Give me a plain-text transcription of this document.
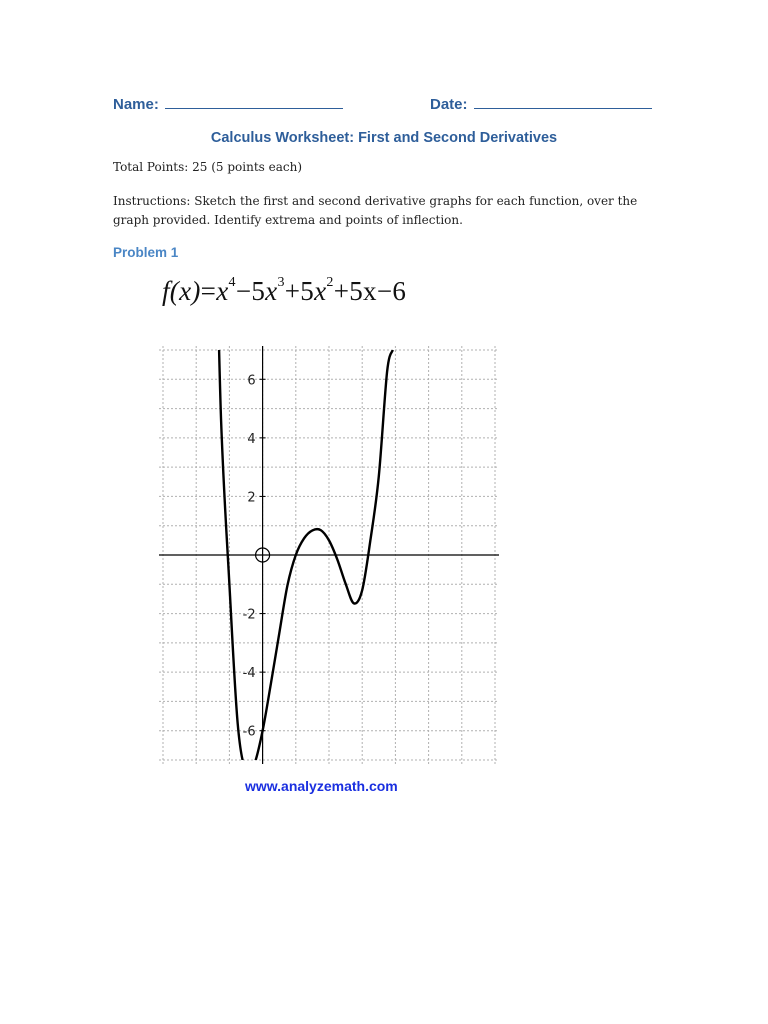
Name:	Date:
Calculus Worksheet: First and Second Derivatives
Total Points: 25 (5 points each)
Instructions: Sketch the first and second derivative graphs for each function, over the graph provided. Identify extrema and points of inflection.
Problem 1
$f(x)=x^4-5x^3+5x^2+5x-6$
6
4
2
-2
-4
-6
www.analyzemath.com
